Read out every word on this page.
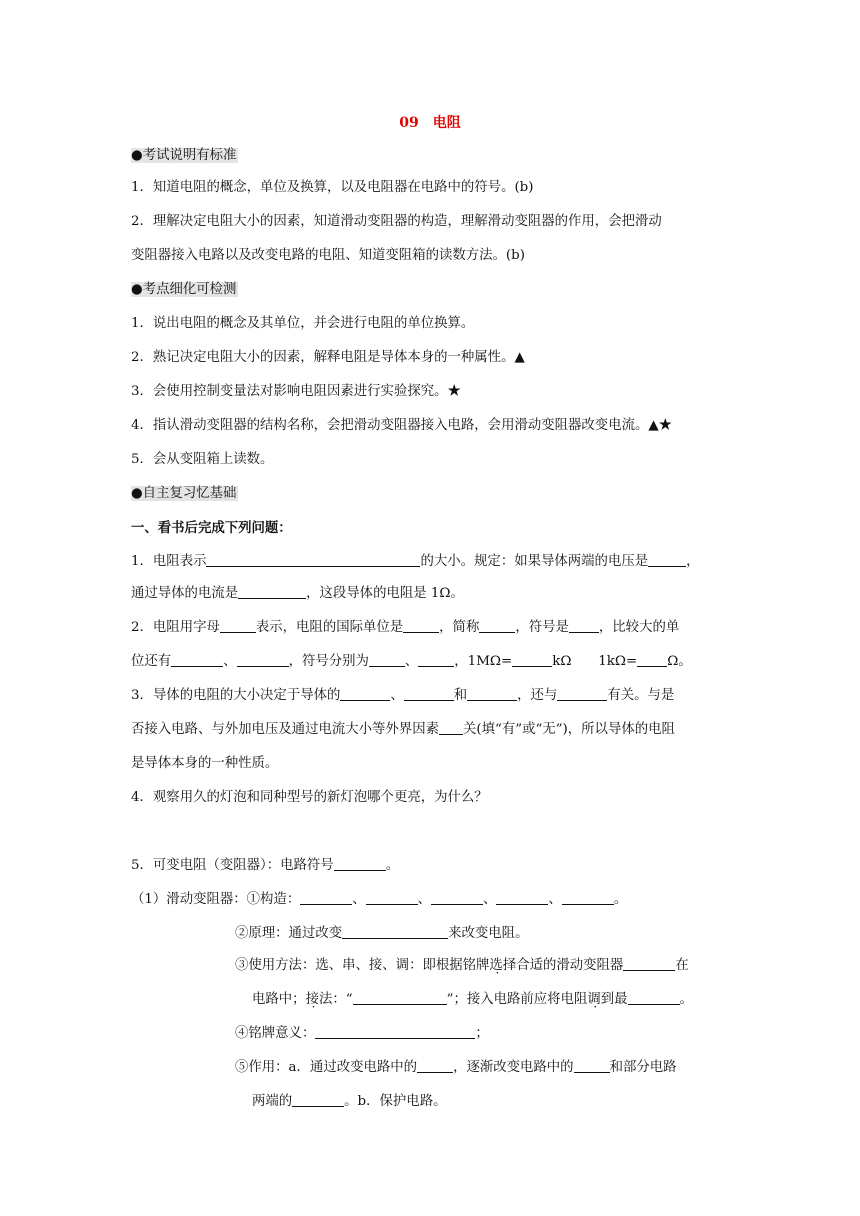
09　电阻
●考试说明有标准
1．知道电阻的概念，单位及换算，以及电阻器在电路中的符号。(b)
2．理解决定电阻大小的因素，知道滑动变阻器的构造，理解滑动变阻器的作用，会把滑动
变阻器接入电路以及改变电路的电阻、知道变阻箱的读数方法。(b)
●考点细化可检测
1．说出电阻的概念及其单位，并会进行电阻的单位换算。
2．熟记决定电阻大小的因素，解释电阻是导体本身的一种属性。▲
3．会使用控制变量法对影响电阻因素进行实验探究。★
4．指认滑动变阻器的结构名称，会把滑动变阻器接入电路，会用滑动变阻器改变电流。▲★
5．会从变阻箱上读数。
●自主复习忆基础
一、看书后完成下列问题：
1．电阻表示	的大小。规定：如果导体两端的电压是	，
通过导体的电流是	，这段导体的电阻是 1Ω。
2．电阻用字母	表示，电阻的国际单位是	，简称	，符号是 ，比较大的单
位还有	、	，符号分别为	、	，1MΩ=	kΩ　　1kΩ= Ω。
3．导体的电阻的大小决定于导体的	、	和	，还与	有关。与是
否接入电路、与外加电压及通过电流大小等外界因素 关(填“有”或“无”)，所以导体的电阻
是导体本身的一种性质。
4．观察用久的灯泡和同种型号的新灯泡哪个更亮，为什么？
5．可变电阻（变阻器）：电路符号	。
（1）滑动变阻器：①构造：	、	、	、	、	。
②原理：通过改变	来改变电阻。
③使用方法：选、串、接、调：即根据铭牌选择合适的滑动变阻器	在
电路中；接法：“	”；接入电路前应将电阻调到最	。
④铭牌意义：	；
⑤作用：a．通过改变电路中的	，逐渐改变电路中的	和部分电路
两端的	。b．保护电路。
